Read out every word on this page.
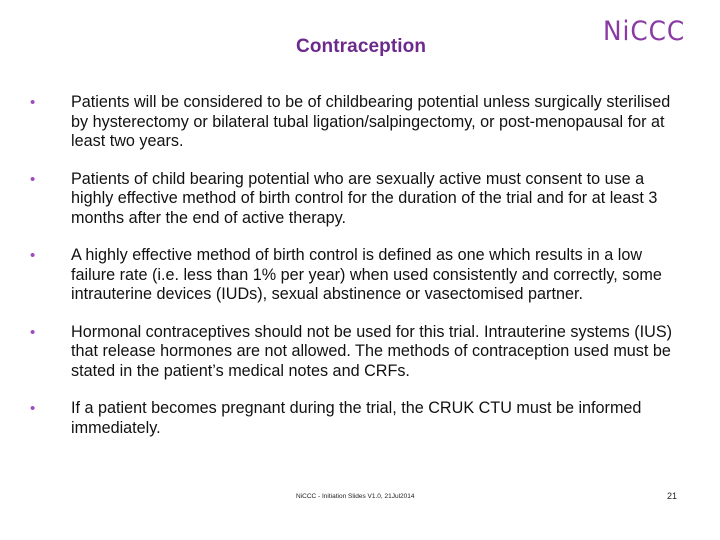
Contraception	NiCCC
• Patients will be considered to be of childbearing potential unless surgically sterilised by hysterectomy or bilateral tubal ligation/salpingectomy, or post-menopausal for at least two years.
• Patients of child bearing potential who are sexually active must consent to use a highly effective method of birth control for the duration of the trial and for at least 3 months after the end of active therapy.
• A highly effective method of birth control is defined as one which results in a low failure rate (i.e. less than 1% per year) when used consistently and correctly, some intrauterine devices (IUDs), sexual abstinence or vasectomised partner.
• Hormonal contraceptives should not be used for this trial. Intrauterine systems (IUS) that release hormones are not allowed. The methods of contraception used must be stated in the patient’s medical notes and CRFs.
• If a patient becomes pregnant during the trial, the CRUK CTU must be informed immediately.
NiCCC - Initiation Slides V1.0, 21Jul2014	21
